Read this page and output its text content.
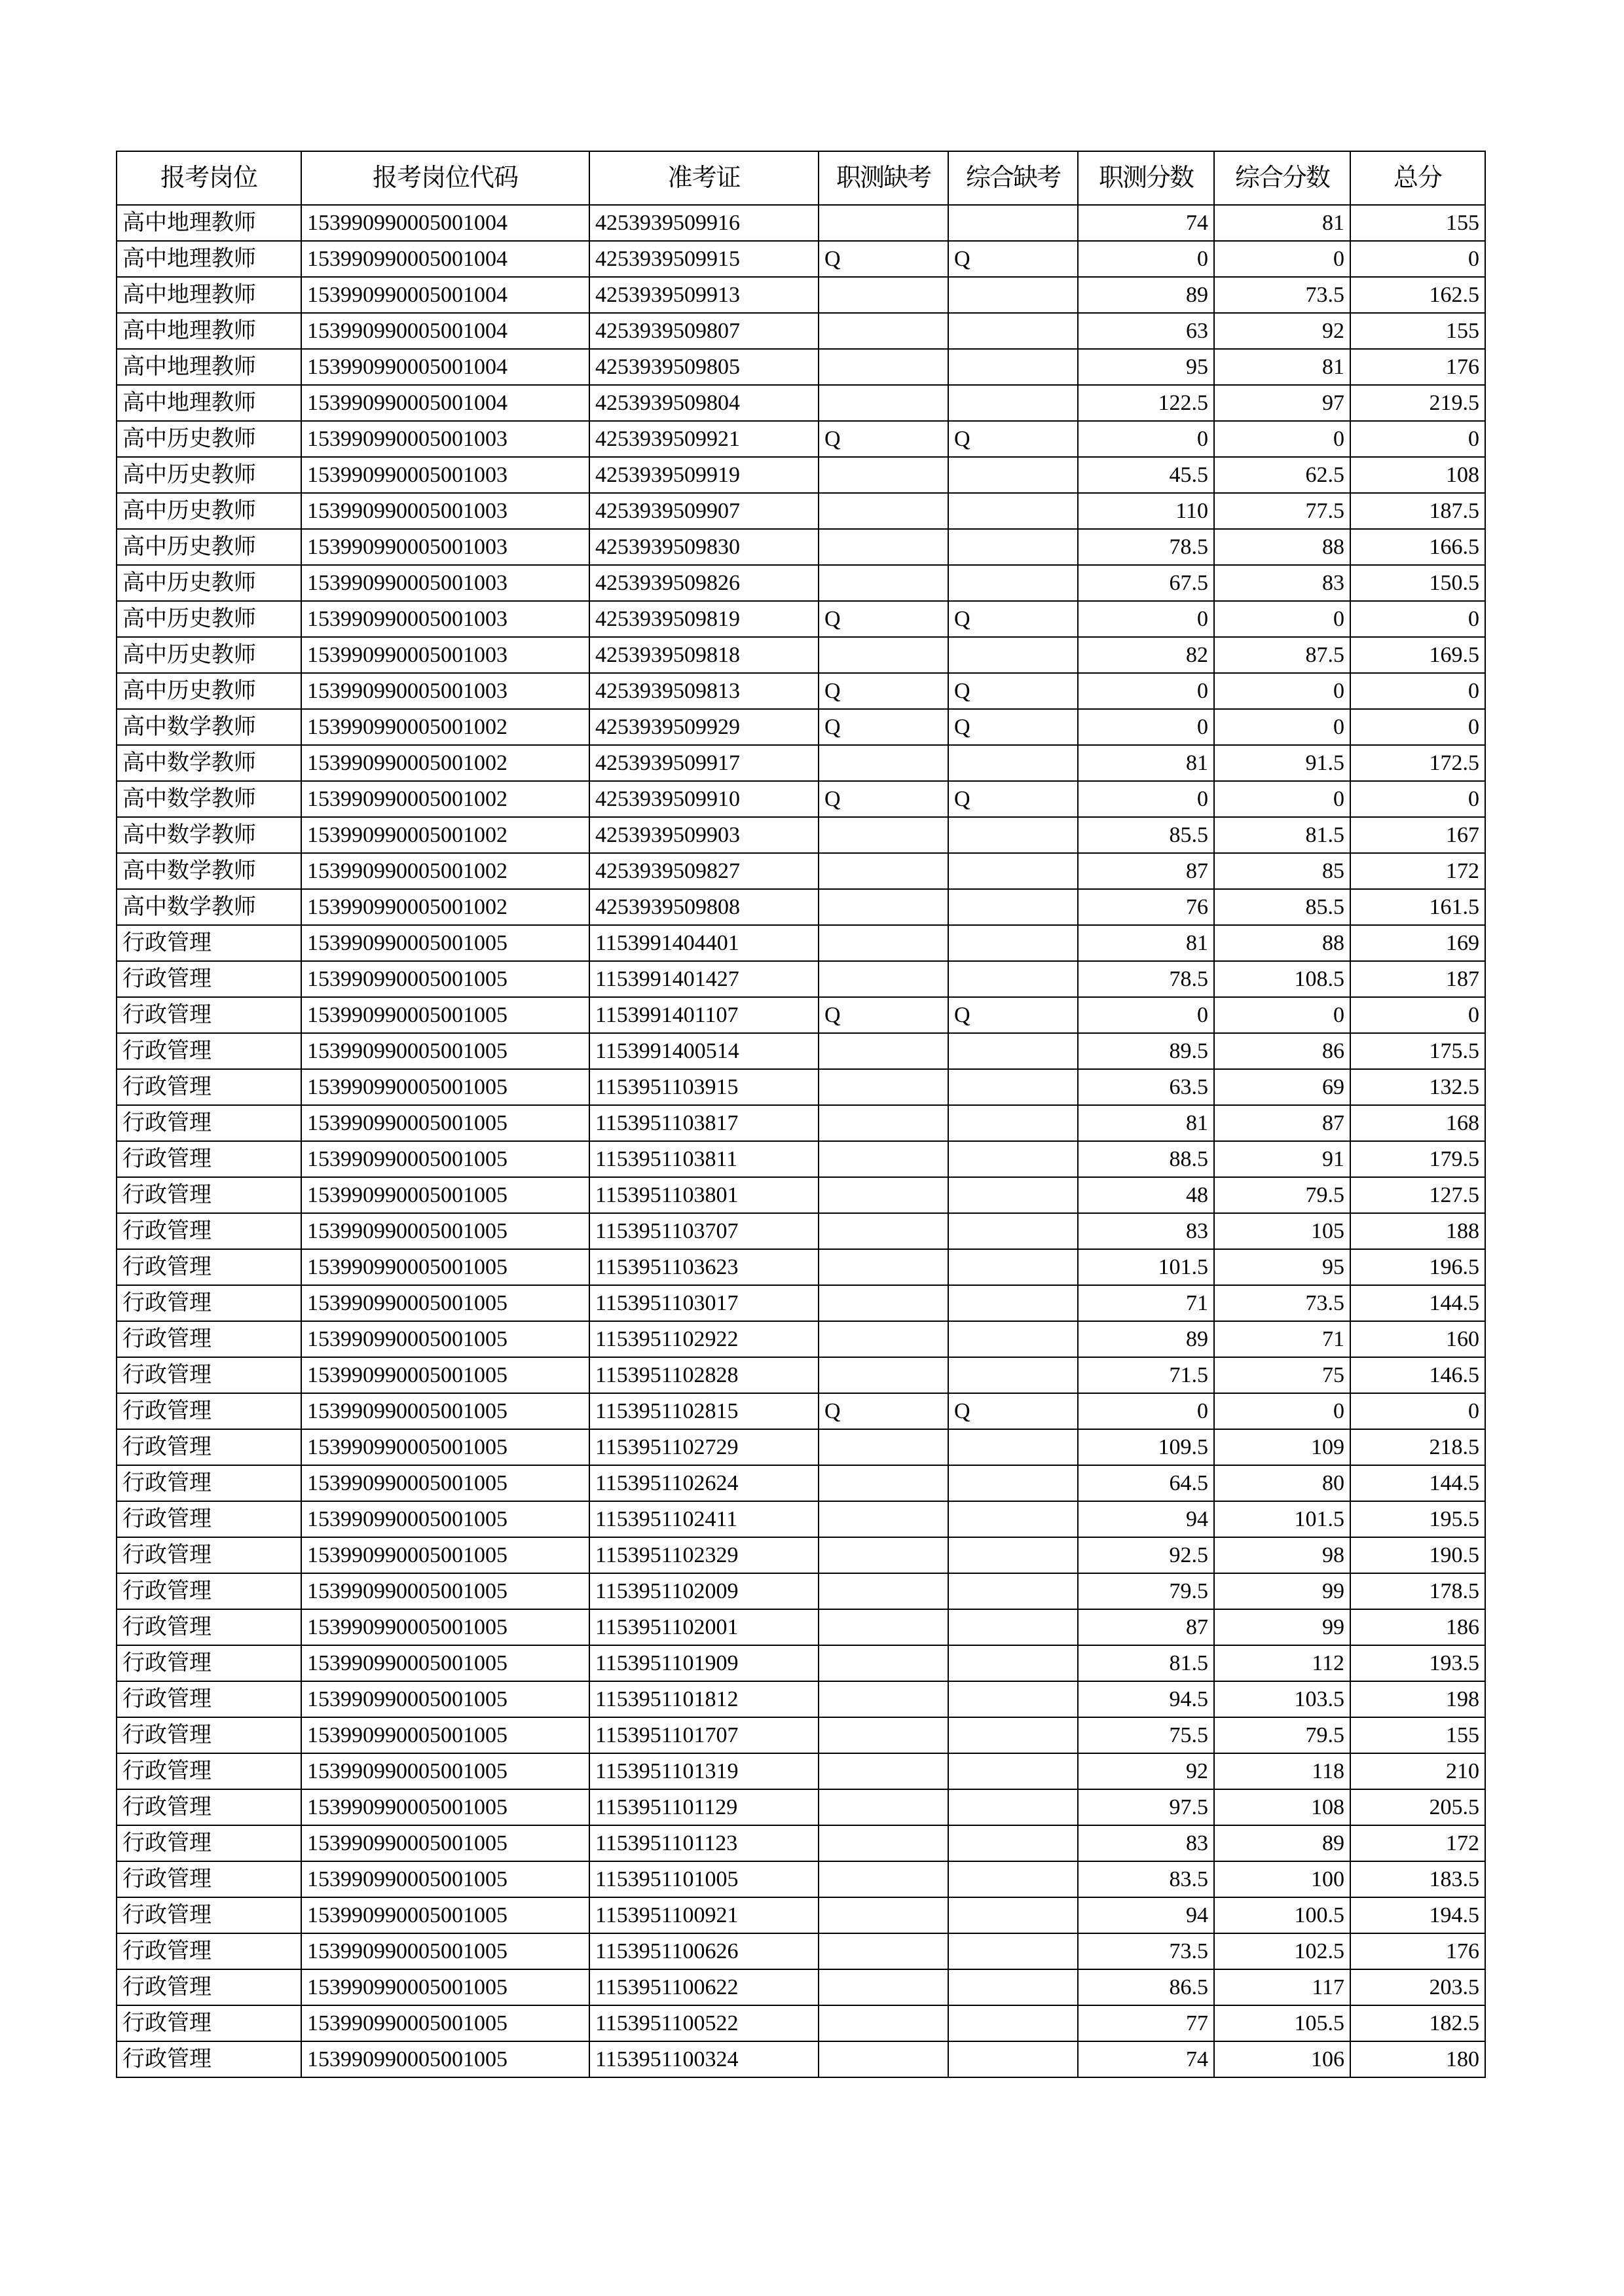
报考岗位	报考岗位代码	准考证	职测缺考	综合缺考	职测分数	综合分数	总分
高中地理教师	153990990005001004	4253939509916			74	81	155
高中地理教师	153990990005001004	4253939509915	Q	Q	0	0	0
高中地理教师	153990990005001004	4253939509913			89	73.5	162.5
高中地理教师	153990990005001004	4253939509807			63	92	155
高中地理教师	153990990005001004	4253939509805			95	81	176
高中地理教师	153990990005001004	4253939509804			122.5	97	219.5
高中历史教师	153990990005001003	4253939509921	Q	Q	0	0	0
高中历史教师	153990990005001003	4253939509919			45.5	62.5	108
高中历史教师	153990990005001003	4253939509907			110	77.5	187.5
高中历史教师	153990990005001003	4253939509830			78.5	88	166.5
高中历史教师	153990990005001003	4253939509826			67.5	83	150.5
高中历史教师	153990990005001003	4253939509819	Q	Q	0	0	0
高中历史教师	153990990005001003	4253939509818			82	87.5	169.5
高中历史教师	153990990005001003	4253939509813	Q	Q	0	0	0
高中数学教师	153990990005001002	4253939509929	Q	Q	0	0	0
高中数学教师	153990990005001002	4253939509917			81	91.5	172.5
高中数学教师	153990990005001002	4253939509910	Q	Q	0	0	0
高中数学教师	153990990005001002	4253939509903			85.5	81.5	167
高中数学教师	153990990005001002	4253939509827			87	85	172
高中数学教师	153990990005001002	4253939509808			76	85.5	161.5
行政管理	153990990005001005	1153991404401			81	88	169
行政管理	153990990005001005	1153991401427			78.5	108.5	187
行政管理	153990990005001005	1153991401107	Q	Q	0	0	0
行政管理	153990990005001005	1153991400514			89.5	86	175.5
行政管理	153990990005001005	1153951103915			63.5	69	132.5
行政管理	153990990005001005	1153951103817			81	87	168
行政管理	153990990005001005	1153951103811			88.5	91	179.5
行政管理	153990990005001005	1153951103801			48	79.5	127.5
行政管理	153990990005001005	1153951103707			83	105	188
行政管理	153990990005001005	1153951103623			101.5	95	196.5
行政管理	153990990005001005	1153951103017			71	73.5	144.5
行政管理	153990990005001005	1153951102922			89	71	160
行政管理	153990990005001005	1153951102828			71.5	75	146.5
行政管理	153990990005001005	1153951102815	Q	Q	0	0	0
行政管理	153990990005001005	1153951102729			109.5	109	218.5
行政管理	153990990005001005	1153951102624			64.5	80	144.5
行政管理	153990990005001005	1153951102411			94	101.5	195.5
行政管理	153990990005001005	1153951102329			92.5	98	190.5
行政管理	153990990005001005	1153951102009			79.5	99	178.5
行政管理	153990990005001005	1153951102001			87	99	186
行政管理	153990990005001005	1153951101909			81.5	112	193.5
行政管理	153990990005001005	1153951101812			94.5	103.5	198
行政管理	153990990005001005	1153951101707			75.5	79.5	155
行政管理	153990990005001005	1153951101319			92	118	210
行政管理	153990990005001005	1153951101129			97.5	108	205.5
行政管理	153990990005001005	1153951101123			83	89	172
行政管理	153990990005001005	1153951101005			83.5	100	183.5
行政管理	153990990005001005	1153951100921			94	100.5	194.5
行政管理	153990990005001005	1153951100626			73.5	102.5	176
行政管理	153990990005001005	1153951100622			86.5	117	203.5
行政管理	153990990005001005	1153951100522			77	105.5	182.5
行政管理	153990990005001005	1153951100324			74	106	180
